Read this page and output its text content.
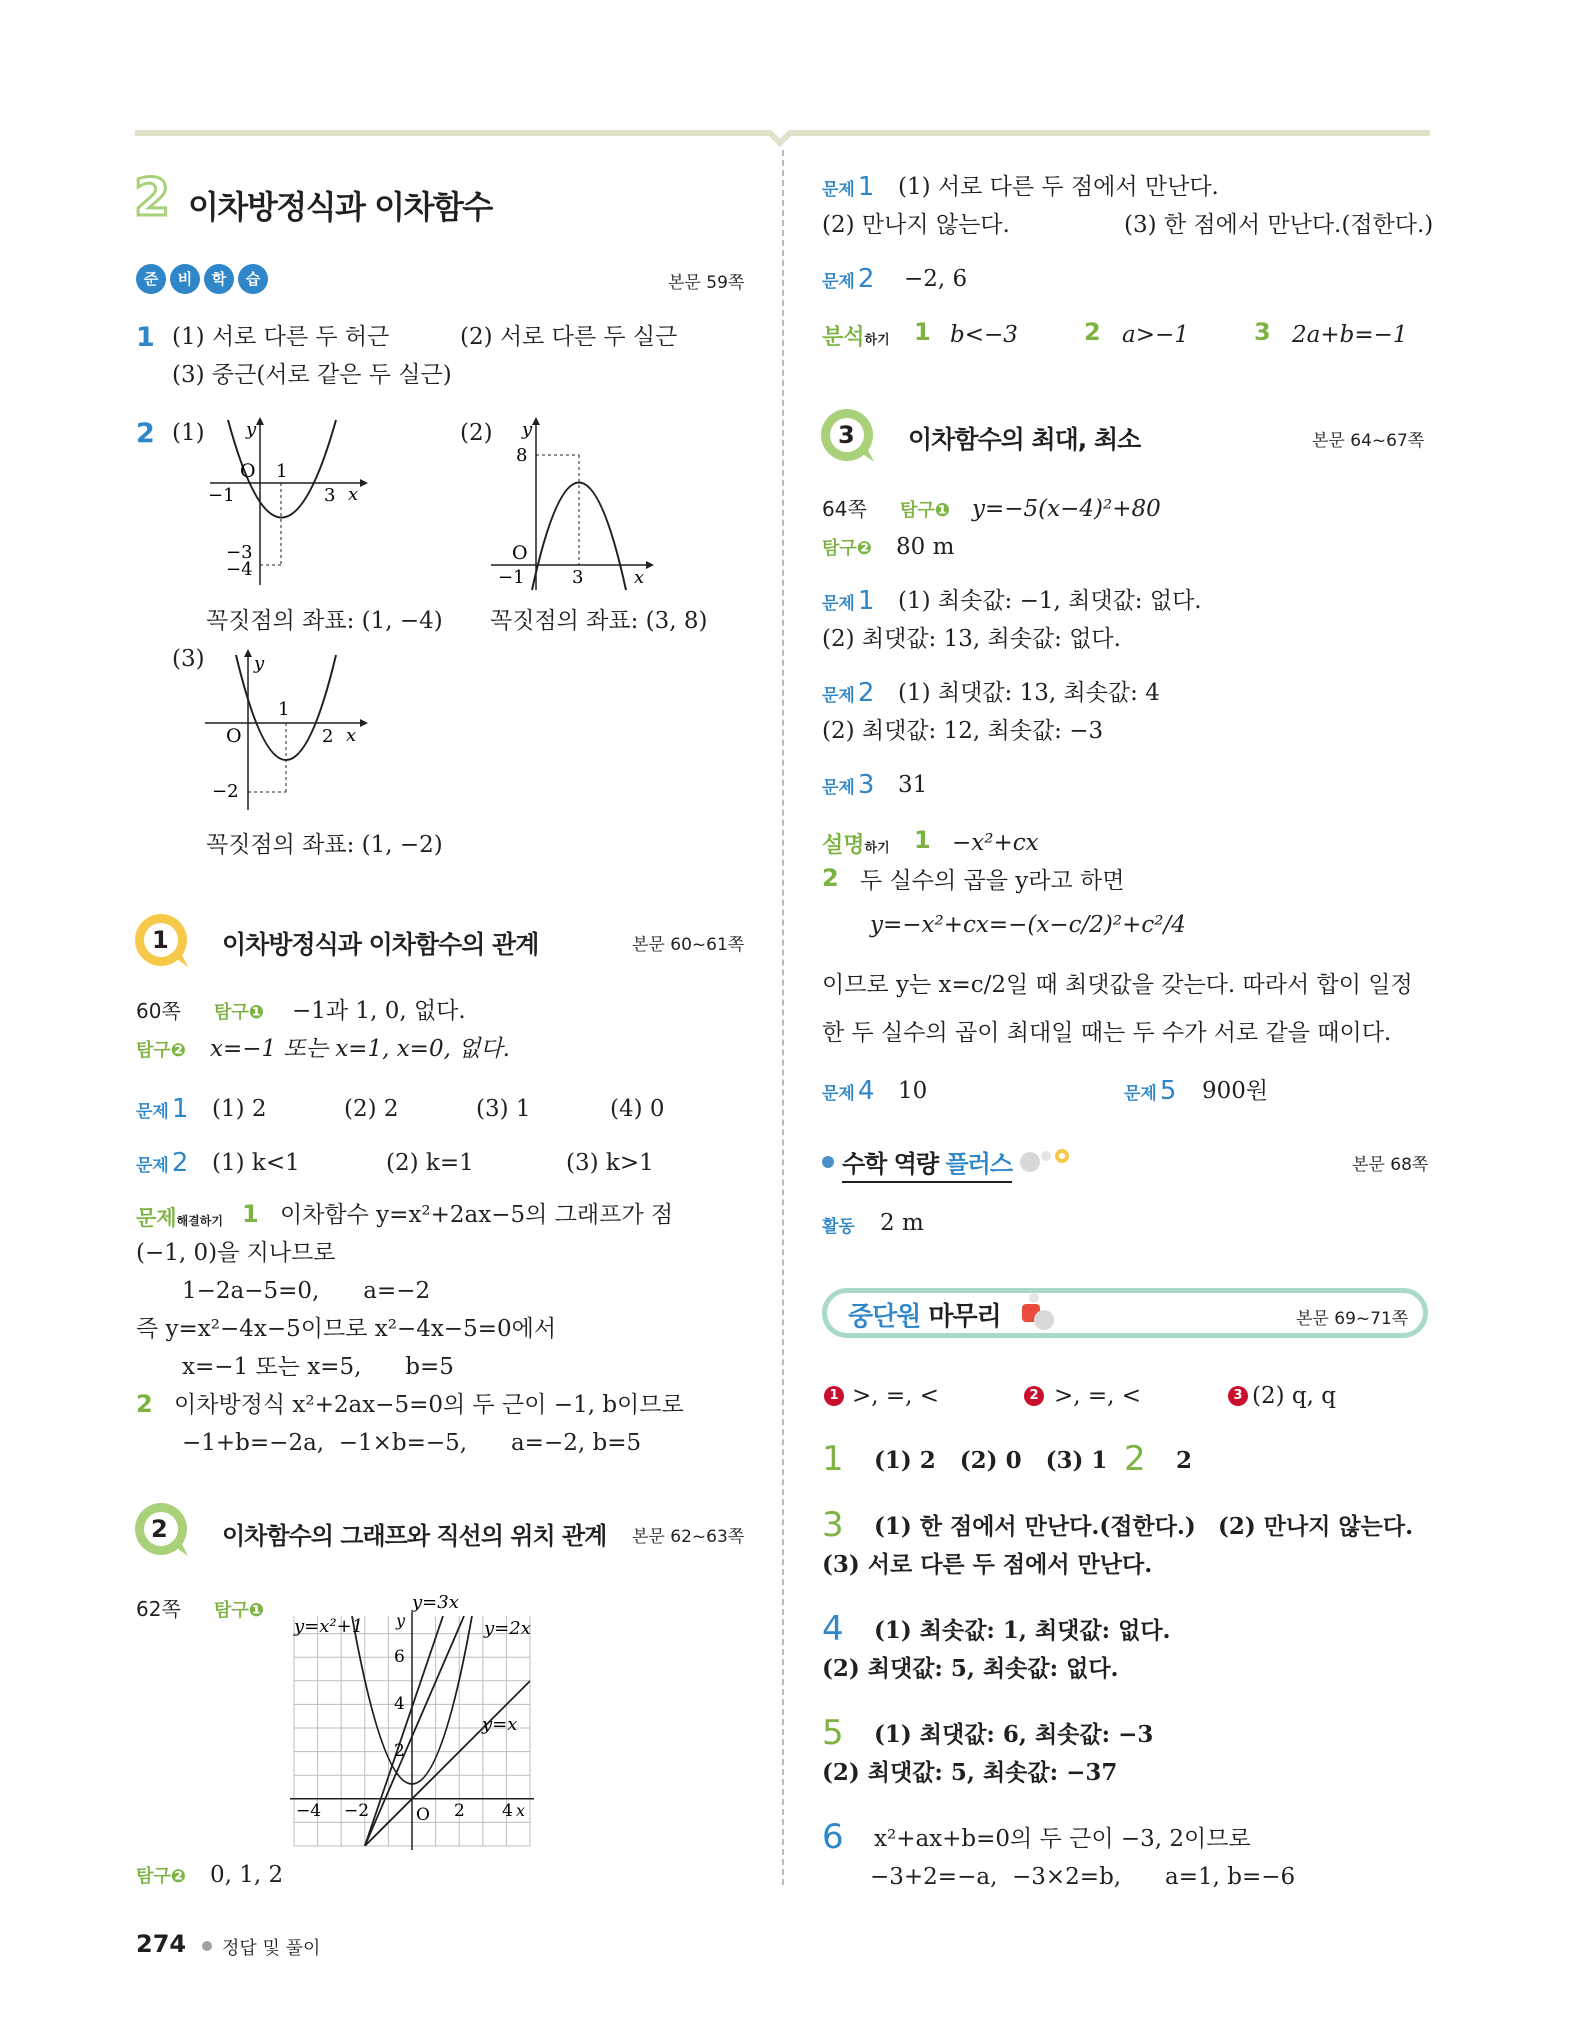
2 이차방정식과 이차함수
준	비	학	습	본문 59쪽
1 (1) 서로 다른 두 허근	(2) 서로 다른 두 실근
(3) 중근(서로 같은 두 실근)
2 (1)	(2)
y
x
O 1
−1	3
−3
−4
y
x
8
O
−1	3
꼭짓점의 좌표: (1, −4) 꼭짓점의 좌표: (3, 8)
(3)	y
x
1
O	2
−2
꼭짓점의 좌표: (1, −2)
1 이차방정식과 이차함수의 관계	본문 60~61쪽
60쪽 탐구❶ −1과 1, 0, 없다.
탐구❷ x=−1 또는 x=1, x=0, 없다.
문제 1 (1) 2	(2) 2	(3) 1	(4) 0
문제 2 (1) k<1	(2) k=1	(3) k>1
문제해결하기 1 이차함수 y=x²+2ax−5의 그래프가 점
(−1, 0)을 지나므로
1−2a−5=0,      a=−2
즉 y=x²−4x−5이므로 x²−4x−5=0에서
x=−1 또는 x=5,      b=5
2 이차방정식 x²+2ax−5=0의 두 근이 −1, b이므로
−1+b=−2a,  −1×b=−5,      a=−2, b=5
2 이차함수의 그래프와 직선의 위치 관계 본문 62~63쪽
62쪽 탐구❶
y=x²+1
y=3x
y=2x
y=x
y
x
O
6
4
2
−4 −2	2 4
탐구❷ 0, 1, 2
274 정답 및 풀이
문제 1 (1) 서로 다른 두 점에서 만난다.
(2) 만나지 않는다.	(3) 한 점에서 만난다.(접한다.)
문제 2 −2, 6
분석하기 1 b<−3	2 a>−1	3 2a+b=−1
3 이차함수의 최대, 최소	본문 64~67쪽
64쪽 탐구❶ y=−5(x−4)²+80
탐구❷ 80 m
문제 1 (1) 최솟값: −1, 최댓값: 없다.
(2) 최댓값: 13, 최솟값: 없다.
문제 2 (1) 최댓값: 13, 최솟값: 4
(2) 최댓값: 12, 최솟값: −3
문제 3 31
설명하기 1 −x²+cx
2 두 실수의 곱을 y라고 하면
y=−x²+cx=−(x−c/2)²+c²/4
이므로 y는 x=c/2일 때 최댓값을 갖는다. 따라서 합이 일정
한 두 실수의 곱이 최대일 때는 두 수가 서로 같을 때이다.
문제 4 10	문제 5 900원
수학 역량 플러스	본문 68쪽
활동 2 m
중단원 마무리	본문 69~71쪽
1 >, =, <	2 >, =, <	3 (2) q, q
1 (1) 2   (2) 0   (3) 1 2 2
3 (1) 한 점에서 만난다.(접한다.) (2) 만나지 않는다.
(3) 서로 다른 두 점에서 만난다.
4 (1) 최솟값: 1, 최댓값: 없다.
(2) 최댓값: 5, 최솟값: 없다.
5 (1) 최댓값: 6, 최솟값: −3
(2) 최댓값: 5, 최솟값: −37
6 x²+ax+b=0의 두 근이 −3, 2이므로
−3+2=−a,  −3×2=b,      a=1, b=−6
